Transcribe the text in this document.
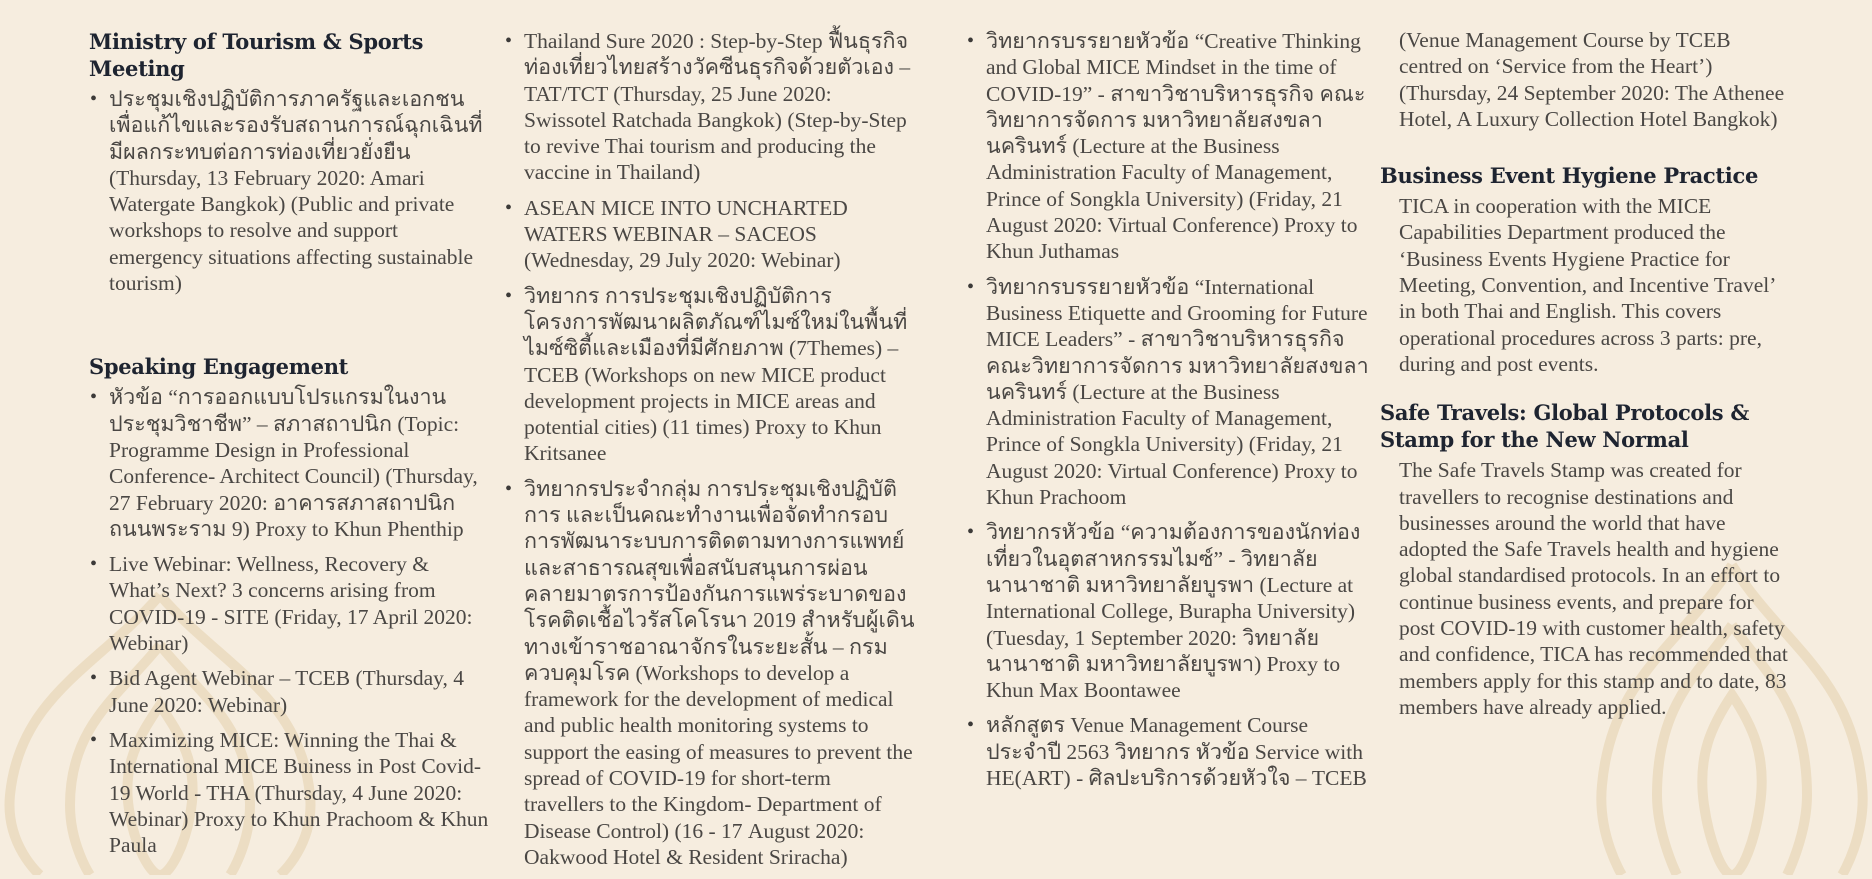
Ministry of Tourism & Sports Meeting
• ประชุมเชิงปฏิบัติการภาครัฐและเอกชนเพื่อแก้ไขและรองรับสถานการณ์ฉุกเฉินที่มีผลกระทบต่อการท่องเที่ยวยั่งยืน (Thursday, 13 February 2020: Amari Watergate Bangkok) (Public and private workshops to resolve and support emergency situations affecting sustainable tourism)
Speaking Engagement
• หัวข้อ “การออกแบบโปรแกรมในงานประชุมวิชาชีพ” – สภาสถาปนิก (Topic: Programme Design in Professional Conference- Architect Council) (Thursday, 27 February 2020: อาคารสภาสถาปนิก ถนนพระราม 9) Proxy to Khun Phenthip
• Live Webinar: Wellness, Recovery & What’s Next? 3 concerns arising from COVID-19 - SITE (Friday, 17 April 2020: Webinar)
• Bid Agent Webinar – TCEB (Thursday, 4 June 2020: Webinar)
• Maximizing MICE: Winning the Thai & International MICE Buiness in Post Covid-19 World - THA (Thursday, 4 June 2020: Webinar) Proxy to Khun Prachoom & Khun Paula
• Thailand Sure 2020 : Step-by-Step ฟื้นธุรกิจท่องเที่ยวไทยสร้างวัคซีนธุรกิจด้วยตัวเอง – TAT/TCT (Thursday, 25 June 2020: Swissotel Ratchada Bangkok) (Step-by-Step to revive Thai tourism and producing the vaccine in Thailand)
• ASEAN MICE INTO UNCHARTED WATERS WEBINAR – SACEOS (Wednesday, 29 July 2020: Webinar)
• วิทยากร การประชุมเชิงปฏิบัติการโครงการพัฒนาผลิตภัณฑ์ไมซ์ใหม่ในพื้นที่ไมซ์ซิตี้และเมืองที่มีศักยภาพ (7Themes) – TCEB (Workshops on new MICE product development projects in MICE areas and potential cities) (11 times) Proxy to Khun Kritsanee
• วิทยากรประจำกลุ่ม การประชุมเชิงปฏิบัติการ และเป็นคณะทำงานเพื่อจัดทำกรอบการพัฒนาระบบการติดตามทางการแพทย์และสาธารณสุขเพื่อสนับสนุนการผ่อนคลายมาตรการป้องกันการแพร่ระบาดของโรคติดเชื้อไวรัสโคโรนา 2019 สำหรับผู้เดินทางเข้าราชอาณาจักรในระยะสั้น – กรมควบคุมโรค (Workshops to develop a framework for the development of medical and public health monitoring systems to support the easing of measures to prevent the spread of COVID-19 for short-term travellers to the Kingdom- Department of Disease Control) (16 - 17 August 2020: Oakwood Hotel & Resident Sriracha)
• วิทยากรบรรยายหัวข้อ “Creative Thinking and Global MICE Mindset in the time of COVID-19” - สาขาวิชาบริหารธุรกิจ คณะวิทยาการจัดการ มหาวิทยาลัยสงขลานครินทร์ (Lecture at the Business Administration Faculty of Management, Prince of Songkla University) (Friday, 21 August 2020: Virtual Conference) Proxy to Khun Juthamas
• วิทยากรบรรยายหัวข้อ “International Business Etiquette and Grooming for Future MICE Leaders” - สาขาวิชาบริหารธุรกิจ คณะวิทยาการจัดการ มหาวิทยาลัยสงขลานครินทร์ (Lecture at the Business Administration Faculty of Management, Prince of Songkla University) (Friday, 21 August 2020: Virtual Conference) Proxy to Khun Prachoom
• วิทยากรหัวข้อ “ความต้องการของนักท่องเที่ยวในอุตสาหกรรมไมซ์” - วิทยาลัยนานาชาติ มหาวิทยาลัยบูรพา (Lecture at International College, Burapha University) (Tuesday, 1 September 2020: วิทยาลัยนานาชาติ มหาวิทยาลัยบูรพา) Proxy to Khun Max Boontawee
• หลักสูตร Venue Management Course ประจำปี 2563 วิทยากร หัวข้อ Service with HE(ART) - ศิลปะบริการด้วยหัวใจ – TCEB

(Venue Management Course by TCEB centred on ‘Service from the Heart’) (Thursday, 24 September 2020: The Athenee Hotel, A Luxury Collection Hotel Bangkok)

Business Event Hygiene Practice

TICA in cooperation with the MICE Capabilities Department produced the ‘Business Events Hygiene Practice for Meeting, Convention, and Incentive Travel’ in both Thai and English. This covers operational procedures across 3 parts: pre, during and post events.

Safe Travels: Global Protocols & Stamp for the New Normal

The Safe Travels Stamp was created for travellers to recognise destinations and businesses around the world that have adopted the Safe Travels health and hygiene global standardised protocols. In an effort to continue business events, and prepare for post COVID-19 with customer health, safety and confidence, TICA has recommended that members apply for this stamp and to date, 83 members have already applied.
